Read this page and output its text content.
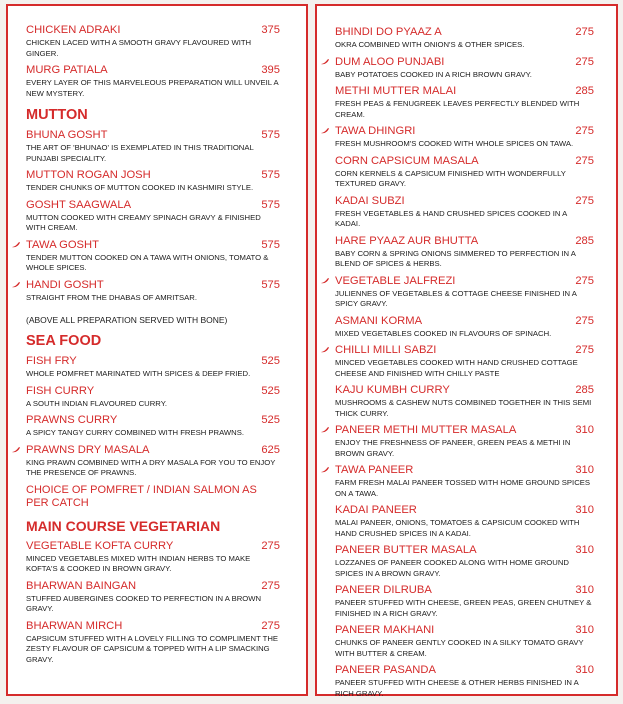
CHICKEN ADRAKI	375
CHICKEN LACED WITH A SMOOTH GRAVY FLAVOURED WITH GINGER.
MURG PATIALA	395
EVERY LAYER OF THIS MARVELEOUS PREPARATION WILL UNVEIL A NEW MYSTERY.
MUTTON
BHUNA GOSHT	575
THE ART OF 'BHUNAO' IS EXEMPLATED IN THIS TRADITIONAL PUNJABI SPECIALITY.
MUTTON ROGAN JOSH	575
TENDER CHUNKS OF MUTTON COOKED IN KASHMIRI STYLE.
GOSHT SAAGWALA	575
MUTTON COOKED WITH CREAMY SPINACH GRAVY & FINISHED WITH CREAM.
TAWA GOSHT	575
TENDER MUTTON COOKED ON A TAWA WITH ONIONS, TOMATO & WHOLE SPICES.
HANDI GOSHT	575
STRAIGHT FROM THE DHABAS OF AMRITSAR.
(ABOVE ALL PREPARATION SERVED WITH BONE)
SEA FOOD
FISH FRY	525
WHOLE POMFRET MARINATED WITH SPICES & DEEP FRIED.
FISH CURRY	525
A SOUTH INDIAN FLAVOURED CURRY.
PRAWNS CURRY	525
A SPICY TANGY CURRY COMBINED WITH FRESH PRAWNS.
PRAWNS DRY MASALA	625
KING PRAWN COMBINED WITH A DRY MASALA FOR YOU TO ENJOY THE PRESENCE OF PRAWNS.
CHOICE OF POMFRET / INDIAN SALMON AS PER CATCH
MAIN COURSE VEGETARIAN
VEGETABLE KOFTA CURRY	275
MINCED VEGETABLES MIXED WITH INDIAN HERBS TO MAKE KOFTA'S & COOKED IN BROWN GRAVY.
BHARWAN BAINGAN	275
STUFFED AUBERGINES COOKED TO PERFECTION IN A BROWN GRAVY.
BHARWAN MIRCH	275
CAPSICUM STUFFED WITH A LOVELY FILLING TO COMPLIMENT THE ZESTY FLAVOUR OF CAPSICUM & TOPPED WITH A LIP SMACKING GRAVY.
BHINDI DO PYAAZ A	275
OKRA COMBINED WITH ONION'S & OTHER SPICES.
DUM ALOO PUNJABI	275
BABY POTATOES COOKED IN A RICH BROWN GRAVY.
METHI MUTTER MALAI	285
FRESH PEAS & FENUGREEK LEAVES PERFECTLY BLENDED WITH CREAM.
TAWA DHINGRI	275
FRESH MUSHROOM'S COOKED WITH WHOLE SPICES ON TAWA.
CORN CAPSICUM MASALA	275
CORN KERNELS & CAPSICUM FINISHED WITH WONDERFULLY TEXTURED GRAVY.
KADAI SUBZI	275
FRESH VEGETABLES & HAND CRUSHED SPICES COOKED IN A KADAI.
HARE PYAAZ AUR BHUTTA	285
BABY CORN & SPRING ONIONS SIMMERED TO PERFECTION IN A BLEND OF SPICES & HERBS.
VEGETABLE JALFREZI	275
JULIENNES OF VEGETABLES & COTTAGE CHEESE FINISHED IN A SPICY GRAVY.
ASMANI KORMA	275
MIXED VEGETABLES COOKED IN FLAVOURS OF SPINACH.
CHILLI MILLI SABZI	275
MINCED VEGETABLES COOKED WITH HAND CRUSHED COTTAGE CHEESE AND FINISHED WITH CHILLY PASTE
KAJU KUMBH CURRY	285
MUSHROOMS & CASHEW NUTS COMBINED TOGETHER IN THIS SEMI THICK CURRY.
PANEER METHI MUTTER MASALA	310
ENJOY THE FRESHNESS OF PANEER, GREEN PEAS & METHI IN BROWN GRAVY.
TAWA PANEER	310
FARM FRESH MALAI PANEER TOSSED WITH HOME GROUND SPICES ON A TAWA.
KADAI PANEER	310
MALAI PANEER, ONIONS, TOMATOES & CAPSICUM COOKED WITH HAND CRUSHED SPICES IN A KADAI.
PANEER BUTTER MASALA	310
LOZZANES OF PANEER COOKED ALONG WITH HOME GROUND SPICES IN A BROWN GRAVY.
PANEER DILRUBA	310
PANEER STUFFED WITH CHEESE, GREEN PEAS, GREEN CHUTNEY & FINISHED IN A RICH GRAVY.
PANEER MAKHANI	310
CHUNKS OF PANEER GENTLY COOKED IN A SILKY TOMATO GRAVY WITH BUTTER & CREAM.
PANEER PASANDA	310
PANEER STUFFED WITH CHEESE & OTHER HERBS FINISHED IN A RICH GRAVY.
